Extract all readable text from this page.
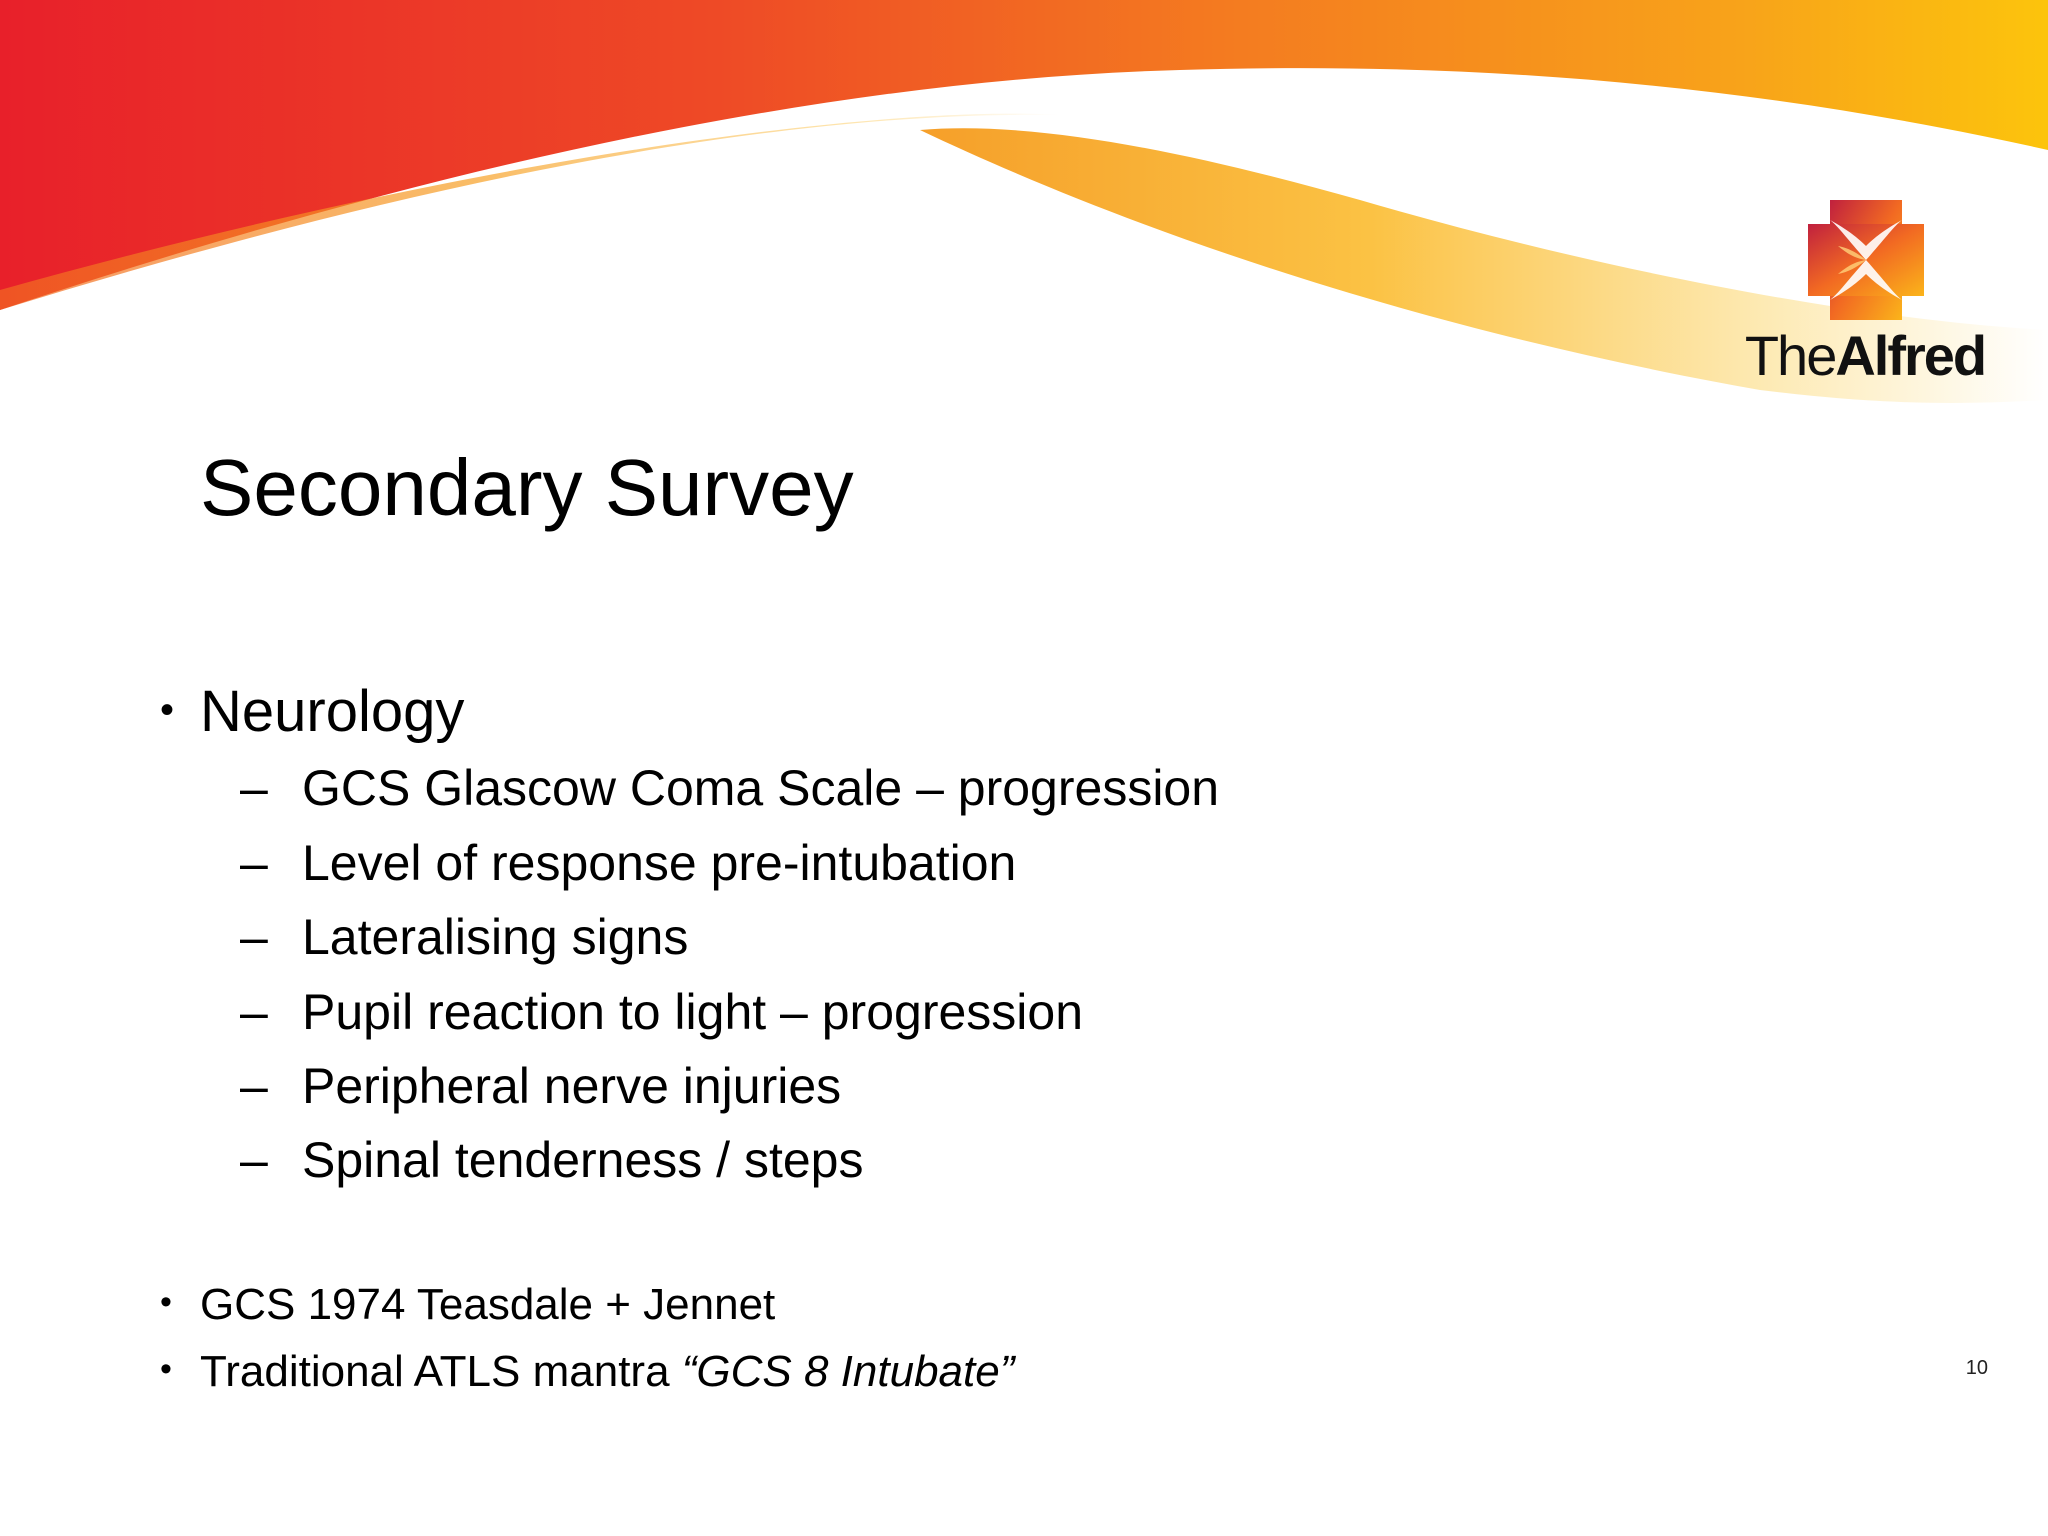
TheAlfred
Secondary Survey
• Neurology
– GCS Glascow Coma Scale – progression
– Level of response pre-intubation
– Lateralising signs
– Pupil reaction to light – progression
– Peripheral nerve injuries
– Spinal tenderness / steps
• GCS 1974 Teasdale + Jennet
• Traditional ATLS mantra “GCS 8 Intubate”	10
